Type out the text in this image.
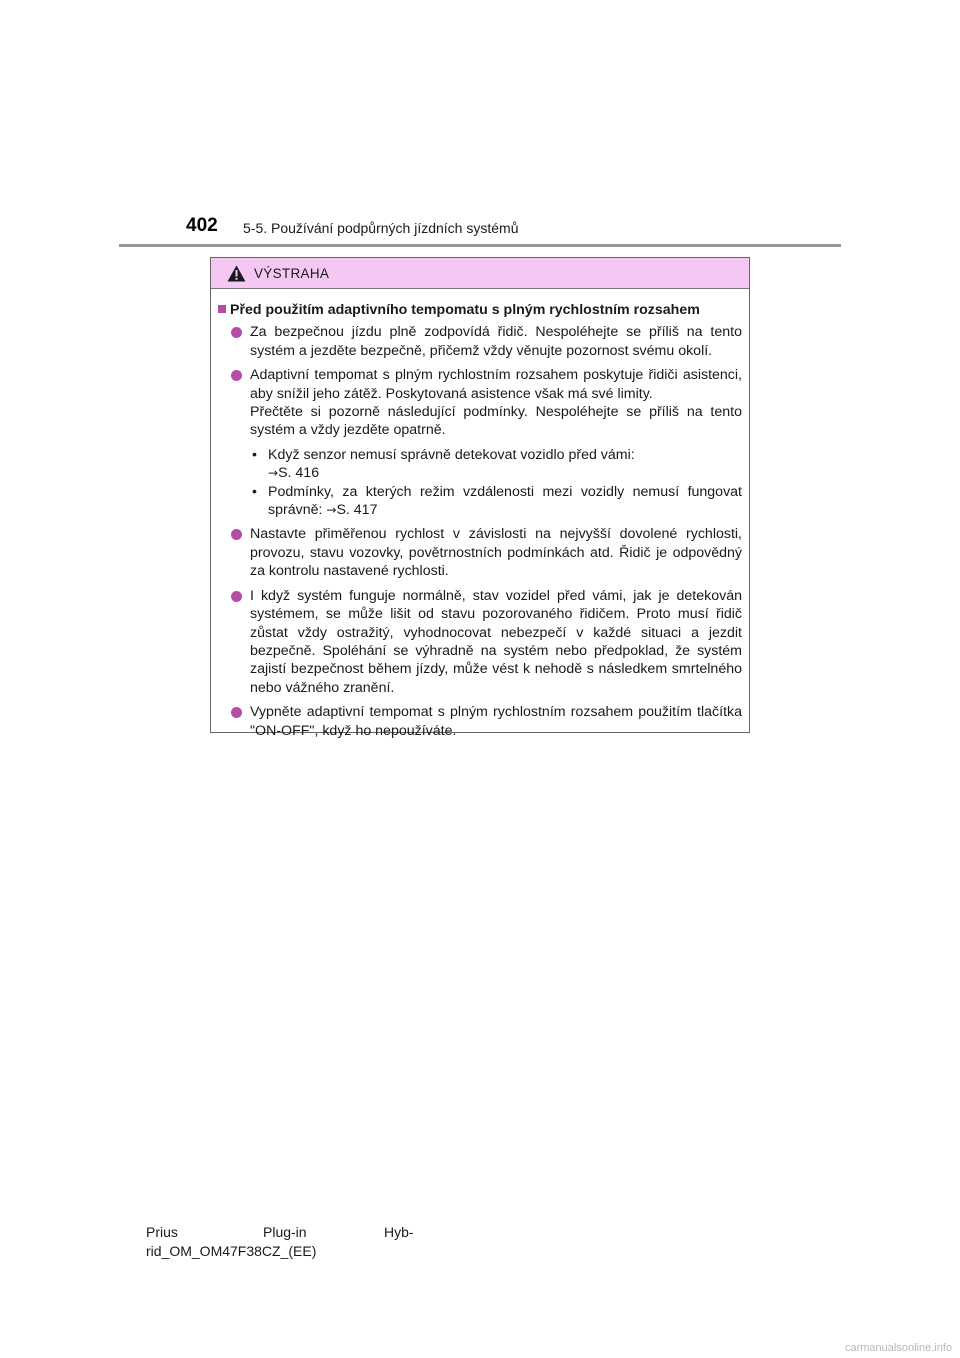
402 5-5. Používání podpůrných jízdních systémů
VÝSTRAHA
Před použitím adaptivního tempomatu s plným rychlostním rozsahem
Za bezpečnou jízdu plně zodpovídá řidič. Nespoléhejte se příliš na tento systém a jezděte bezpečně, přičemž vždy věnujte pozornost svému okolí.
Adaptivní tempomat s plným rychlostním rozsahem poskytuje řidiči asistenci, aby snížil jeho zátěž. Poskytovaná asistence však má své limity.
Přečtěte si pozorně následující podmínky. Nespoléhejte se příliš na tento systém a vždy jezděte opatrně.
• Když senzor nemusí správně detekovat vozidlo před vámi:
→S. 416
• Podmínky, za kterých režim vzdálenosti mezi vozidly nemusí fungovat správně: →S. 417
Nastavte přiměřenou rychlost v závislosti na nejvyšší dovolené rychlosti, provozu, stavu vozovky, povětrnostních podmínkách atd. Řidič je odpovědný za kontrolu nastavené rychlosti.
I když systém funguje normálně, stav vozidel před vámi, jak je detekován systémem, se může lišit od stavu pozorovaného řidičem. Proto musí řidič zůstat vždy ostražitý, vyhodnocovat nebezpečí v každé situaci a jezdit bezpečně. Spoléhání se výhradně na systém nebo předpoklad, že systém zajistí bezpečnost během jízdy, může vést k nehodě s následkem smrtelného nebo vážného zranění.
Vypněte adaptivní tempomat s plným rychlostním rozsahem použitím tlačítka "ON-OFF", když ho nepoužíváte.
Prius	Plug-in	Hyb-
rid_OM_OM47F38CZ_(EE)
carmanualsonline.info
